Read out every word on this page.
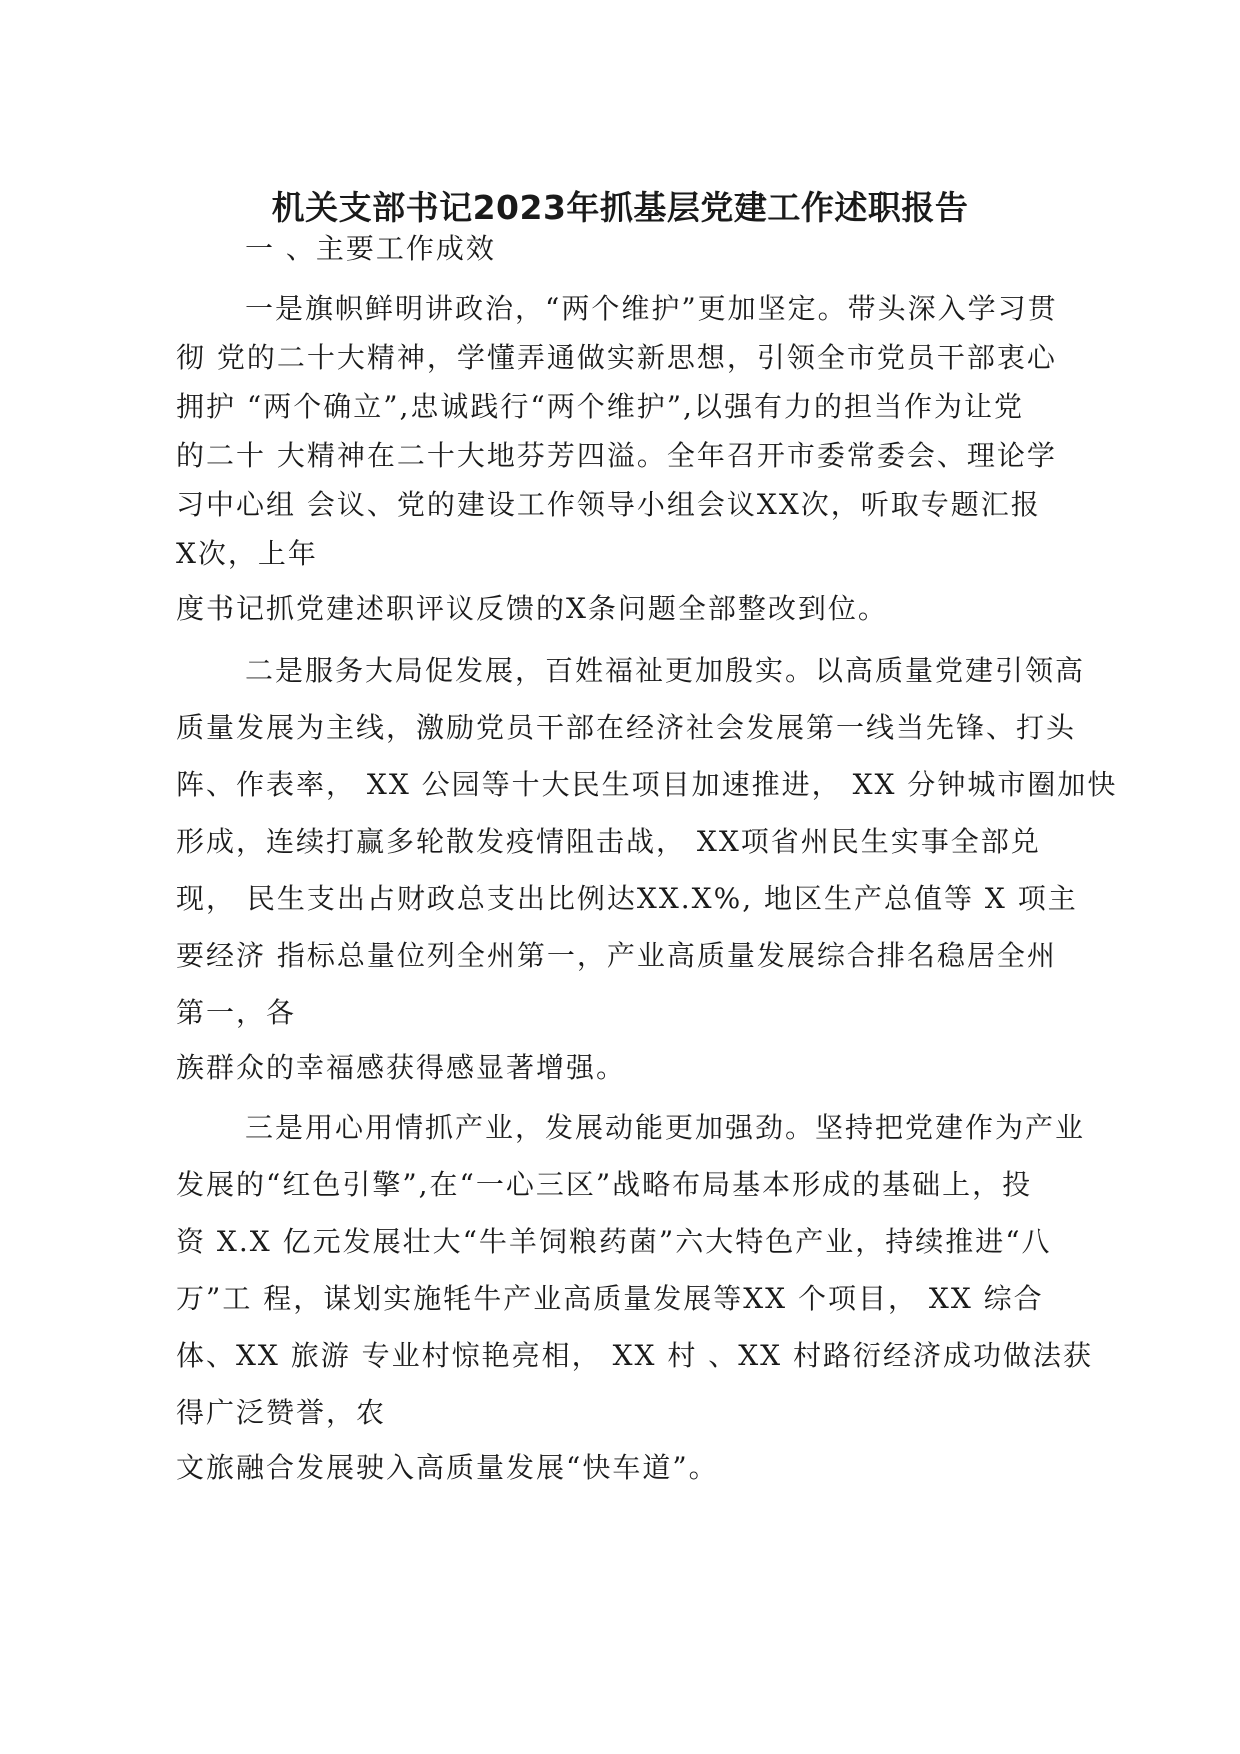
机关支部书记2023年抓基层党建工作述职报告
一 、主要工作成效
一是旗帜鲜明讲政治，“两个维护”更加坚定。带头深入学习贯
彻 党的二十大精神，学懂弄通做实新思想，引领全市党员干部衷心
拥护 “两个确立”,忠诚践行“两个维护”,以强有力的担当作为让党
的二十 大精神在二十大地芬芳四溢。全年召开市委常委会、理论学
习中心组 会议、党的建设工作领导小组会议XX次，听取专题汇报
X次，上年
度书记抓党建述职评议反馈的X条问题全部整改到位。
二是服务大局促发展，百姓福祉更加殷实。以高质量党建引领高
质量发展为主线，激励党员干部在经济社会发展第一线当先锋、打头
阵、作表率， XX 公园等十大民生项目加速推进， XX 分钟城市圈加快
形成，连续打赢多轮散发疫情阻击战， XX项省州民生实事全部兑
现， 民生支出占财政总支出比例达XX.X%, 地区生产总值等 X 项主
要经济 指标总量位列全州第一，产业高质量发展综合排名稳居全州
第一，各
族群众的幸福感获得感显著增强。
三是用心用情抓产业，发展动能更加强劲。坚持把党建作为产业
发展的“红色引擎”,在“一心三区”战略布局基本形成的基础上，投
资 X.X 亿元发展壮大“牛羊饲粮药菌”六大特色产业，持续推进“八
万”工 程，谋划实施牦牛产业高质量发展等XX 个项目， XX 综合
体、XX 旅游 专业村惊艳亮相， XX 村 、XX 村路衍经济成功做法获
得广泛赞誉，农
文旅融合发展驶入高质量发展“快车道”。
